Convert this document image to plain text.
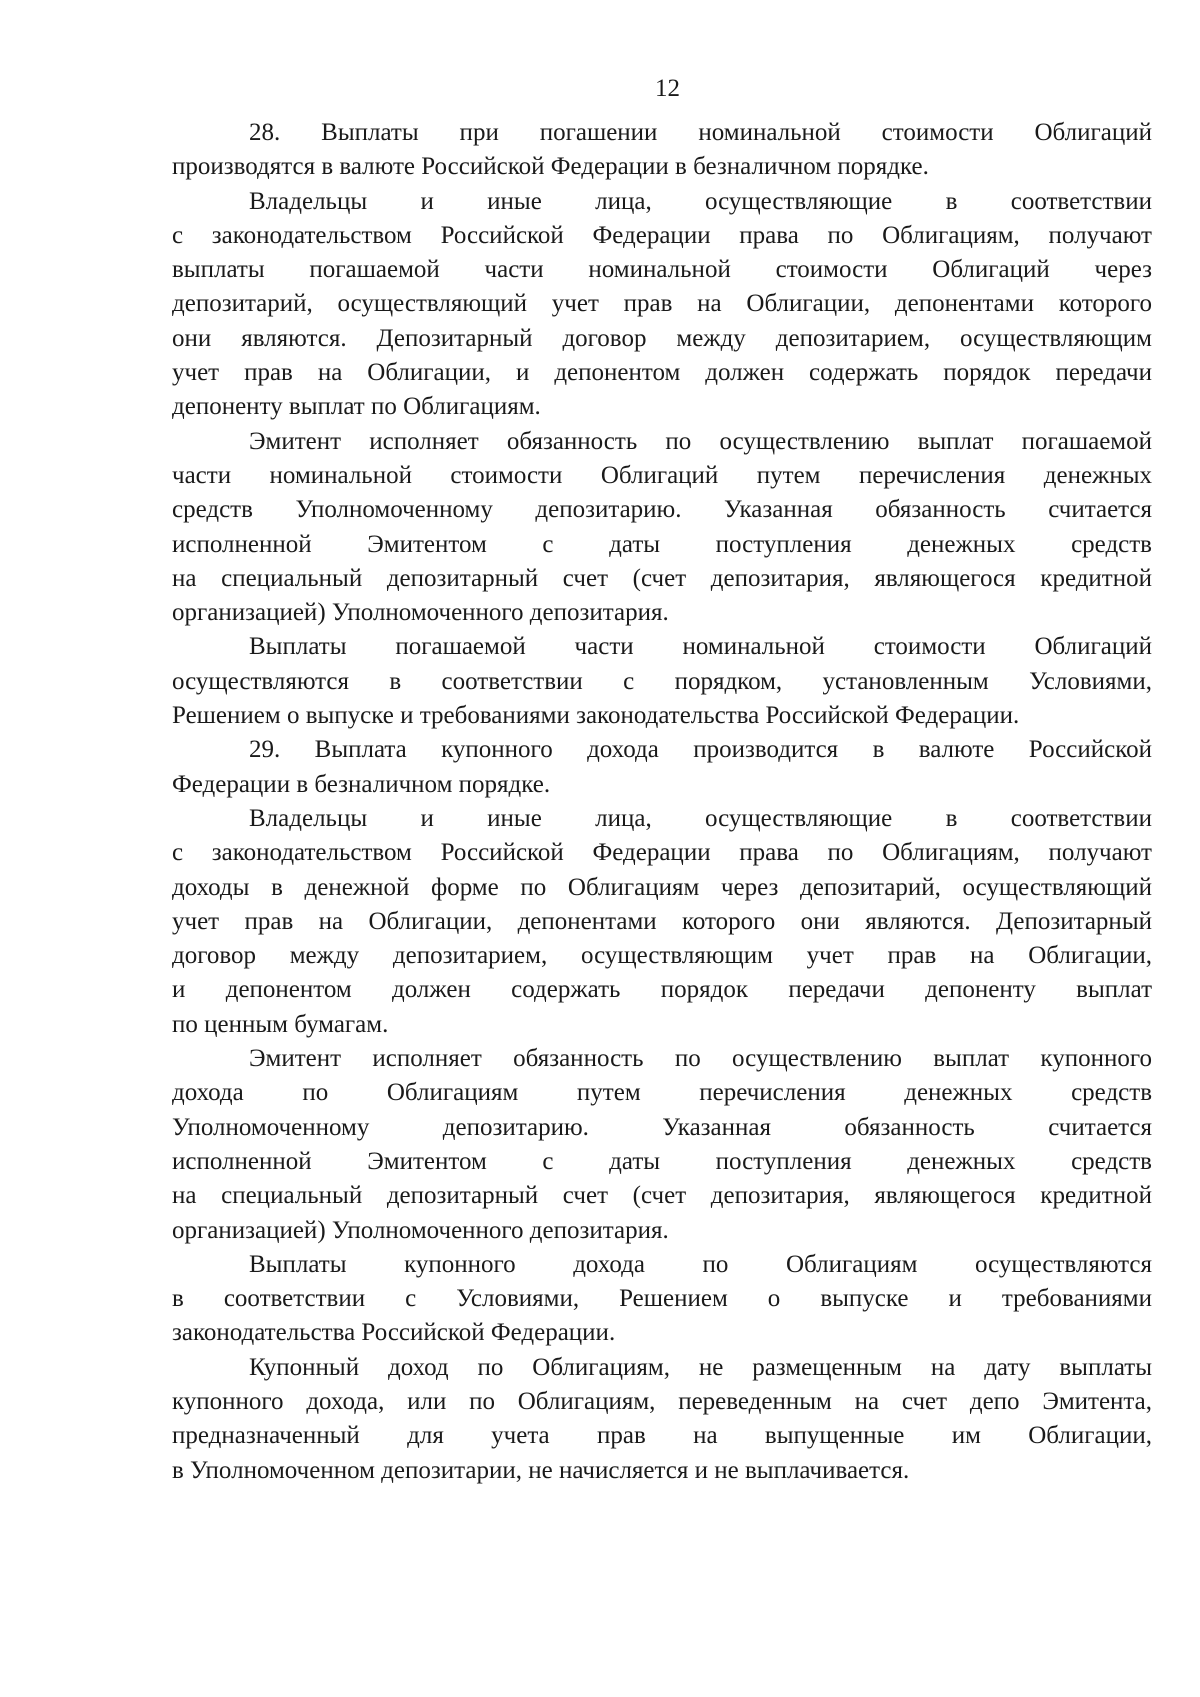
12
28. Выплаты при погашении номинальной стоимости Облигаций
производятся в валюте Российской Федерации в безналичном порядке.
Владельцы и иные лица, осуществляющие в соответствии
с законодательством Российской Федерации права по Облигациям, получают
выплаты погашаемой части номинальной стоимости Облигаций через
депозитарий, осуществляющий учет прав на Облигации, депонентами которого
они являются. Депозитарный договор между депозитарием, осуществляющим
учет прав на Облигации, и депонентом должен содержать порядок передачи
депоненту выплат по Облигациям.
Эмитент исполняет обязанность по осуществлению выплат погашаемой
части номинальной стоимости Облигаций путем перечисления денежных
средств Уполномоченному депозитарию. Указанная обязанность считается
исполненной Эмитентом с даты поступления денежных средств
на специальный депозитарный счет (счет депозитария, являющегося кредитной
организацией) Уполномоченного депозитария.
Выплаты погашаемой части номинальной стоимости Облигаций
осуществляются в соответствии с порядком, установленным Условиями,
Решением о выпуске и требованиями законодательства Российской Федерации.
29. Выплата купонного дохода производится в валюте Российской
Федерации в безналичном порядке.
Владельцы и иные лица, осуществляющие в соответствии
с законодательством Российской Федерации права по Облигациям, получают
доходы в денежной форме по Облигациям через депозитарий, осуществляющий
учет прав на Облигации, депонентами которого они являются. Депозитарный
договор между депозитарием, осуществляющим учет прав на Облигации,
и депонентом должен содержать порядок передачи депоненту выплат
по ценным бумагам.
Эмитент исполняет обязанность по осуществлению выплат купонного
дохода по Облигациям путем перечисления денежных средств
Уполномоченному депозитарию. Указанная обязанность считается
исполненной Эмитентом с даты поступления денежных средств
на специальный депозитарный счет (счет депозитария, являющегося кредитной
организацией) Уполномоченного депозитария.
Выплаты купонного дохода по Облигациям осуществляются
в соответствии с Условиями, Решением о выпуске и требованиями
законодательства Российской Федерации.
Купонный доход по Облигациям, не размещенным на дату выплаты
купонного дохода, или по Облигациям, переведенным на счет депо Эмитента,
предназначенный для учета прав на выпущенные им Облигации,
в Уполномоченном депозитарии, не начисляется и не выплачивается.
